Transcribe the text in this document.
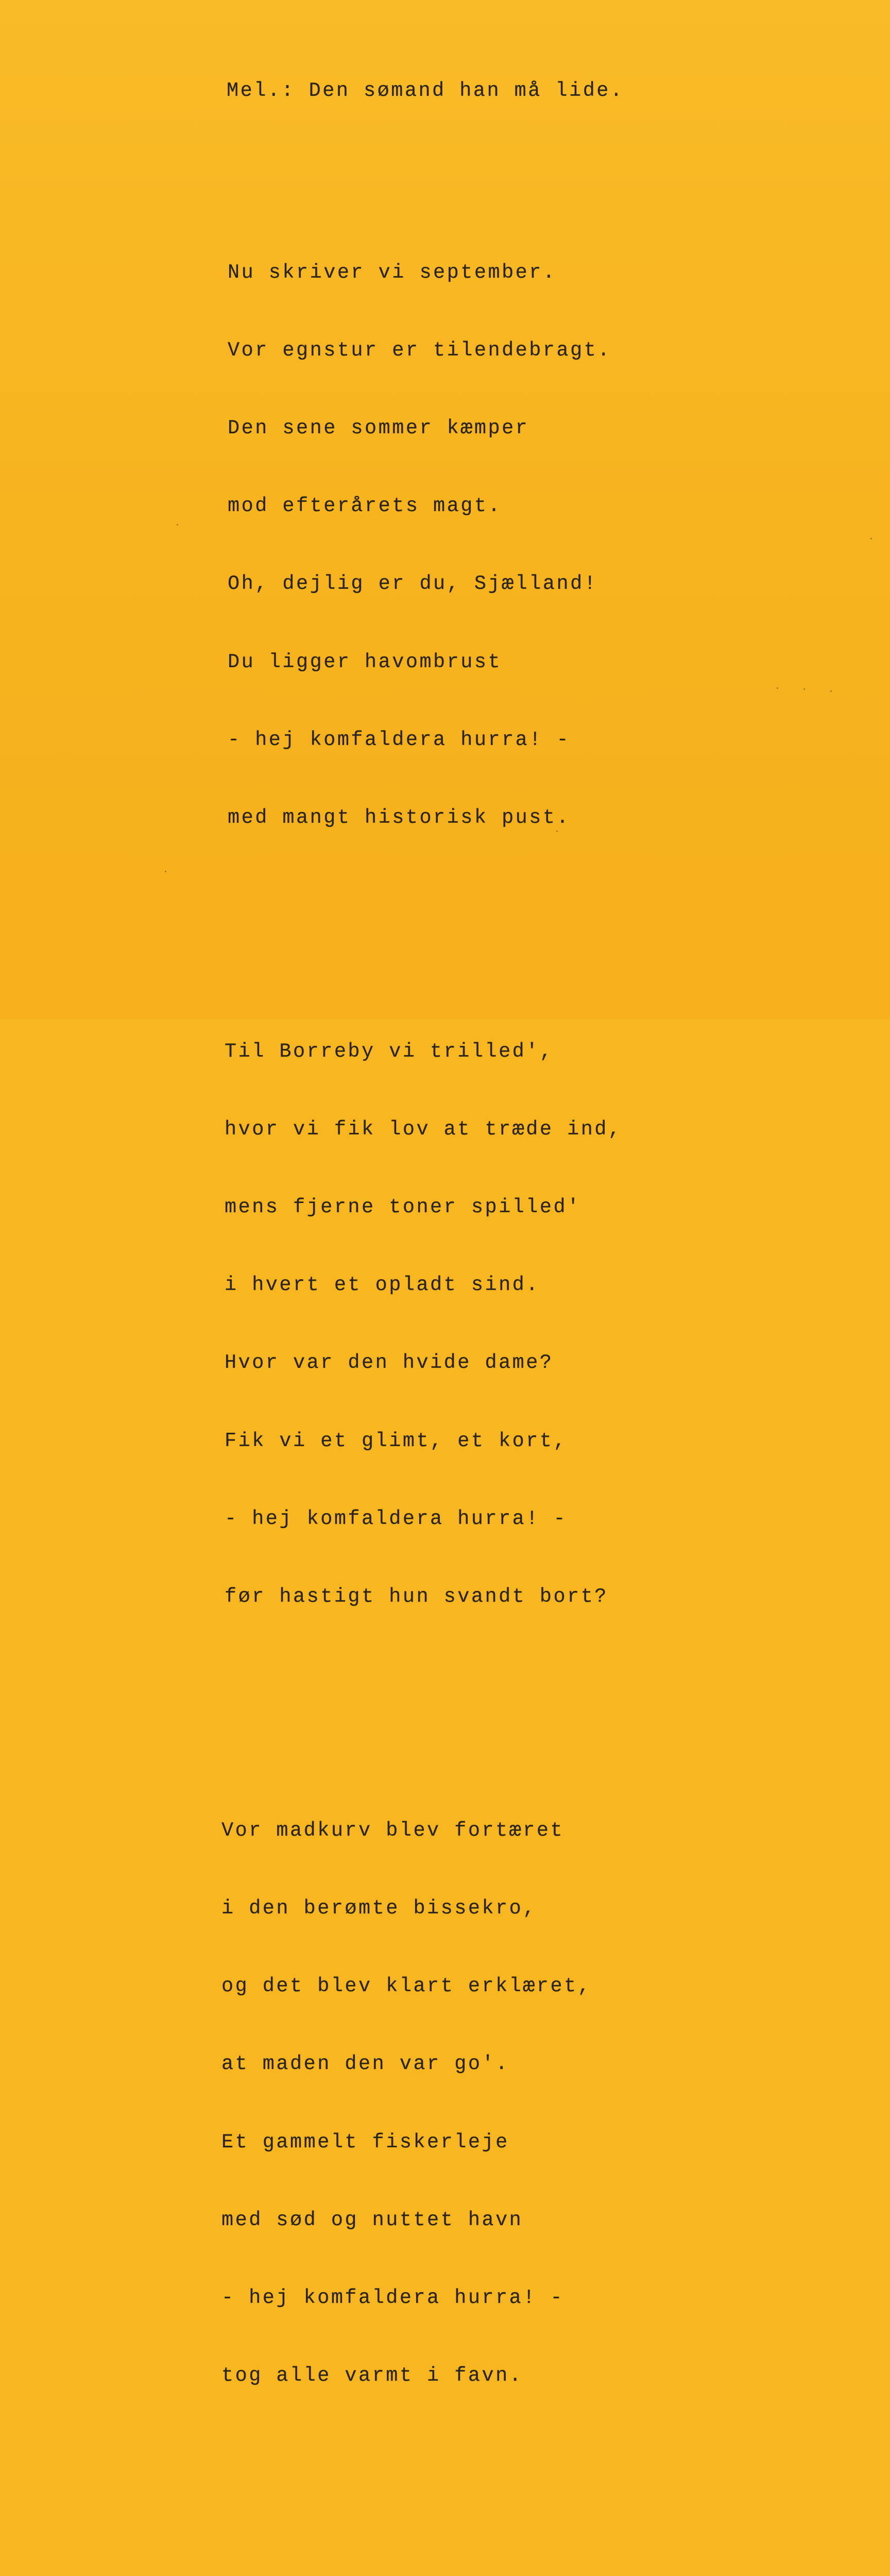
Mel.: Den sømand han må lide.

Nu skriver vi september.

Vor egnstur er tilendebragt.

Den sene sommer kæmper

mod efterårets magt.

Oh, dejlig er du, Sjælland!

Du ligger havombrust

- hej komfaldera hurra! -

med mangt historisk pust.

Til Borreby vi trilled',

hvor vi fik lov at træde ind,

mens fjerne toner spilled'

i hvert et opladt sind.

Hvor var den hvide dame?

Fik vi et glimt, et kort,

- hej komfaldera hurra! -

før hastigt hun svandt bort?

Vor madkurv blev fortæret

i den berømte bissekro,

og det blev klart erklæret,

at maden den var go'.

Et gammelt fiskerleje

med sød og nuttet havn

- hej komfaldera hurra! -

tog alle varmt i favn.
